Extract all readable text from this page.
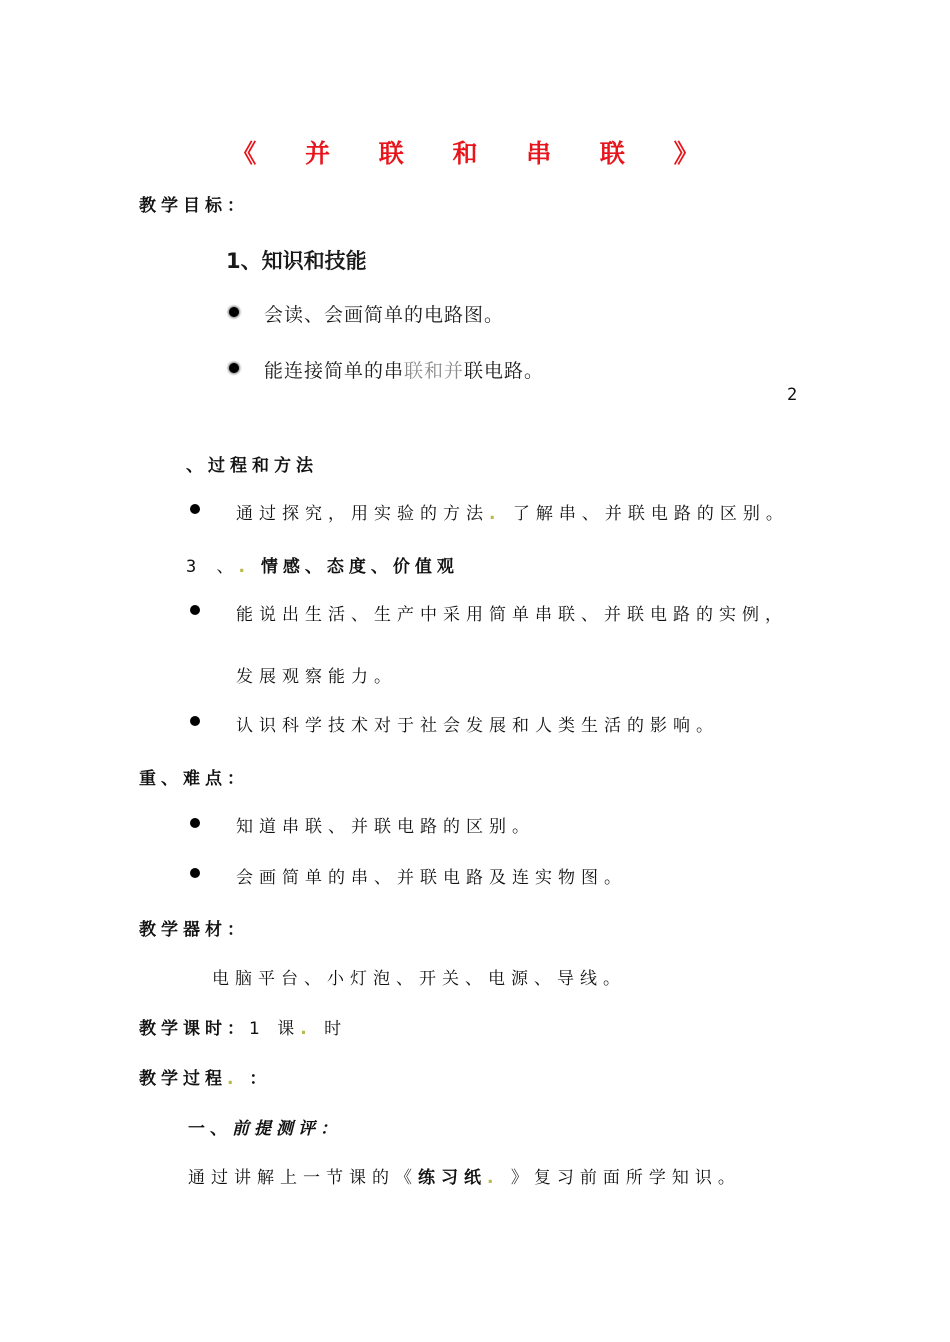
《 并 联 和 串 联 》
教学目标：
1、知识和技能
会读、会画简单的电路图。
能连接简单的串联和并联电路。
2
、过程和方法
通过探究，用实验的方法. 了解串、并联电路的区别。
3 、. 情感、态度、价值观
能说出生活、生产中采用简单串联、并联电路的实例，
发展观察能力。
认识科学技术对于社会发展和人类生活的影响。
重、难点：
知道串联、并联电路的区别。
会画简单的串、并联电路及连实物图。
教学器材：
电脑平台、小灯泡、开关、电源、导线。
教学课时：1 课. 时
教学过程. ：
一、前提测评：
通过讲解上一节课的《练习纸. 》复习前面所学知识。
